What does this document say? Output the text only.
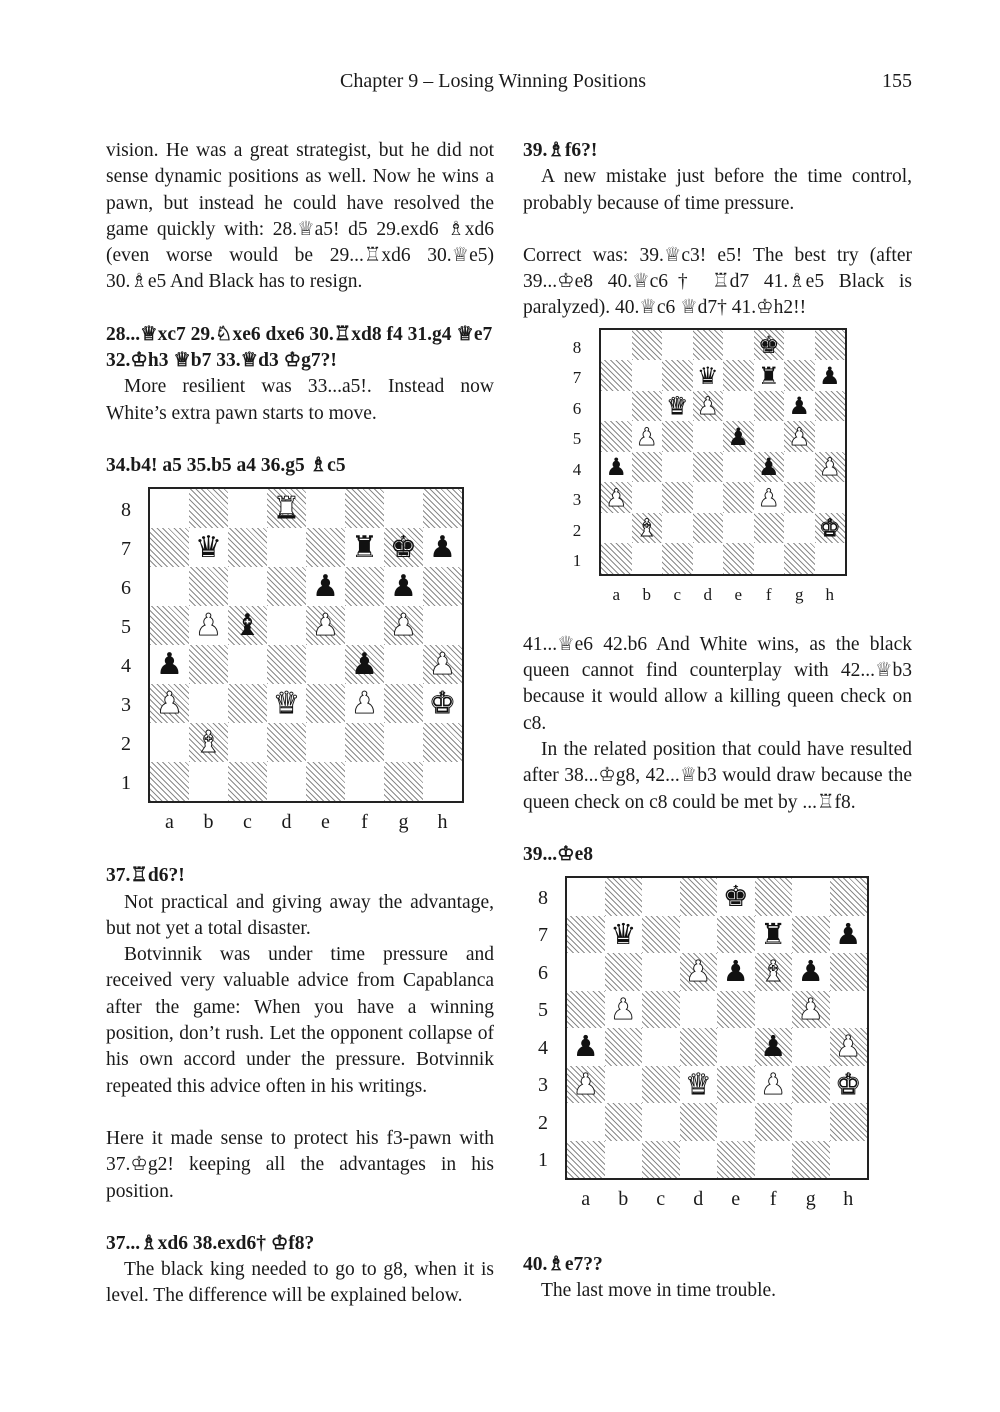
Chapter 9 – Losing Winning Positions	155

vision. He was a great strategist, but he did not sense dynamic positions as well. Now he wins a pawn, but instead he could have resolved the game quickly with: 28.♕a5! d5 29.exd6 ♗xd6 (even worse would be 29...♖xd6 30.♕e5) 30.♗e5 And Black has to resign.

28...♕xc7 29.♘xe6 dxe6 30.♖xd8 f4 31.g4 ♕e7 32.♔h3 ♕b7 33.♕d3 ♔g7?!

More resilient was 33...a5!. Instead now White’s extra pawn starts to move.

34.b4! a5 35.b5 a4 36.g5 ♗c5

♜
♛	♜ ♚ ♟
♟ ♟
♟ ♝ ♟ ♟
♟	♟ ♟
♟	♛ ♟ ♚
♝
8
7
6
5
4
3
2
1
a	b	c	d	e	f	g	h

37.♖d6?!

Not practical and giving away the advantage, but not yet a total disaster.

Botvinnik was under time pressure and received very valuable advice from Capablanca after the game: When you have a winning position, don’t rush. Let the opponent collapse of his own accord under the pressure. Botvinnik repeated this advice often in his writings.

Here it made sense to protect his f3-pawn with 37.♔g2! keeping all the advantages in his position.

37...♗xd6 38.exd6† ♔f8?

The black king needed to go to g8, when it is level. The difference will be explained below.

39.♗f6?!

A new mistake just before the time control, probably because of time pressure.

Correct was: 39.♕c3! e5! The best try (after 39...♔e8 40.♕c6† ♖d7 41.♗e5 Black is paralyzed). 40.♕c6 ♕d7† 41.♔h2!!

♚
♛ ♜ ♟
♛ ♟	♟
♟	♟ ♟
♟	♟ ♟
♟	♟
♝	♚
8
7
6
5
4
3
2
1
a	b	c	d	e	f	g	h

41...♕e6 42.b6 And White wins, as the black queen cannot find counterplay with 42...♕b3 because it would allow a killing queen check on c8.

In the related position that could have resulted after 38...♔g8, 42...♕b3 would draw because the queen check on c8 could be met by ...♖f8.

39...♔e8

♚
♛	♜ ♟
♟ ♟ ♝ ♟
♟	♟
♟	♟ ♟
♟	♛ ♟ ♚
8
7
6
5
4
3
2
1
a	b	c	d	e	f	g	h

40.♗e7??

The last move in time trouble.
